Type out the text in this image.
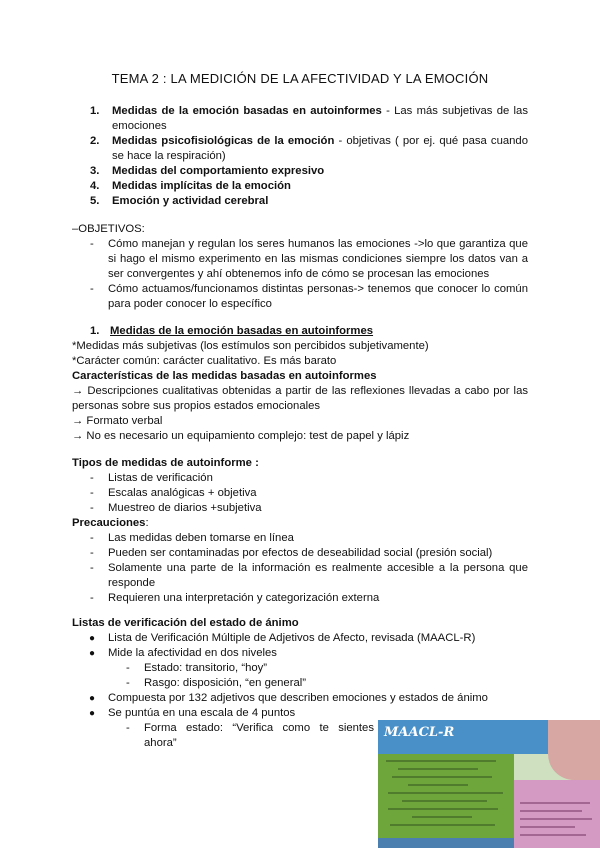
TEMA 2 : LA MEDICIÓN DE LA AFECTIVIDAD Y LA EMOCIÓN
1. Medidas de la emoción basadas en autoinformes - Las más subjetivas de las emociones
2. Medidas psicofisiológicas de la emoción - objetivas ( por ej. qué pasa cuando se hace la respiración)
3. Medidas del comportamiento expresivo
4. Medidas implícitas de la emoción
5. Emoción y actividad cerebral
–OBJETIVOS:
- Cómo manejan y regulan los seres humanos las emociones ->lo que garantiza que si hago el mismo experimento en las mismas condiciones siempre los datos van a ser convergentes y ahí obtenemos info de cómo se procesan las emociones
- Cómo actuamos/funcionamos distintas personas-> tenemos que conocer lo común para poder conocer lo específico
1. Medidas de la emoción basadas en autoinformes
*Medidas más subjetivas (los estímulos son percibidos subjetivamente)
*Carácter común: carácter cualitativo. Es más barato
Características de las medidas basadas en autoinformes
→ Descripciones cualitativas obtenidas a partir de las reflexiones llevadas a cabo por las personas sobre sus propios estados emocionales
→ Formato verbal
→ No es necesario un equipamiento complejo: test de papel y lápiz
Tipos de medidas de autoinforme :
- Listas de verificación
- Escalas analógicas + objetiva
- Muestreo de diarios +subjetiva
Precauciones:
- Las medidas deben tomarse en línea
- Pueden ser contaminadas por efectos de deseabilidad social (presión social)
- Solamente una parte de la información es realmente accesible a la persona que responde
- Requieren una interpretación y categorización externa
Listas de verificación del estado de ánimo
● Lista de Verificación Múltiple de Adjetivos de Afecto, revisada (MAACL-R)
● Mide la afectividad en dos niveles
- Estado: transitorio, “hoy”
- Rasgo: disposición, “en general”
● Compuesta por 132 adjetivos que describen emociones y estados de ánimo
● Se puntúa en una escala de 4 puntos
- Forma estado: “Verifica como te sientes ahora”
MAACL-R
